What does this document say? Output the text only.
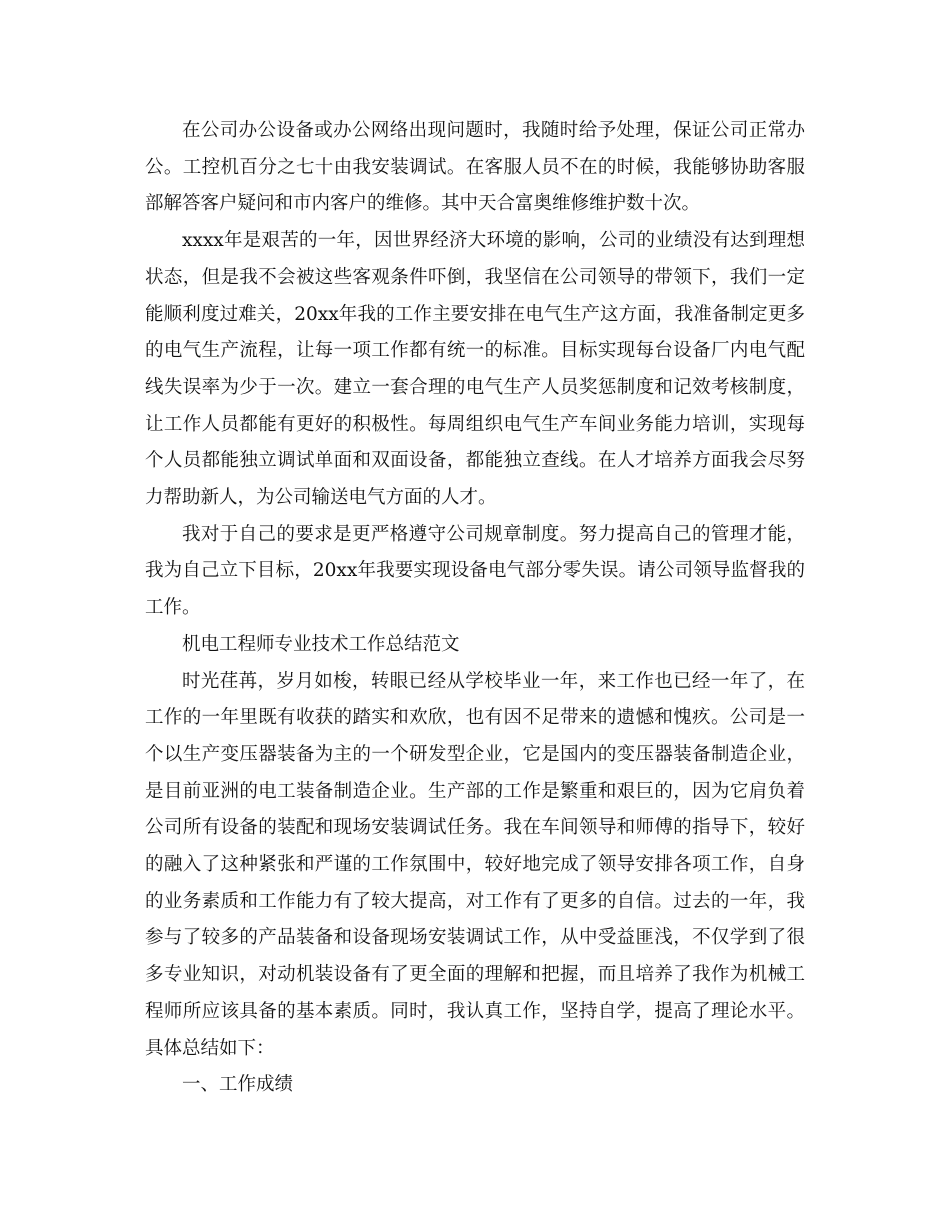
在公司办公设备或办公网络出现问题时，我随时给予处理，保证公司正常办公。工控机百分之七十由我安装调试。在客服人员不在的时候，我能够协助客服部解答客户疑问和市内客户的维修。其中天合富奥维修维护数十次。

xxxx年是艰苦的一年，因世界经济大环境的影响，公司的业绩没有达到理想状态，但是我不会被这些客观条件吓倒，我坚信在公司领导的带领下，我们一定能顺利度过难关，20xx年我的工作主要安排在电气生产这方面，我准备制定更多的电气生产流程，让每一项工作都有统一的标准。目标实现每台设备厂内电气配线失误率为少于一次。建立一套合理的电气生产人员奖惩制度和记效考核制度，让工作人员都能有更好的积极性。每周组织电气生产车间业务能力培训，实现每个人员都能独立调试单面和双面设备，都能独立查线。在人才培养方面我会尽努力帮助新人，为公司输送电气方面的人才。

我对于自己的要求是更严格遵守公司规章制度。努力提高自己的管理才能，我为自己立下目标，20xx年我要实现设备电气部分零失误。请公司领导监督我的工作。

机电工程师专业技术工作总结范文

时光荏苒，岁月如梭，转眼已经从学校毕业一年，来工作也已经一年了，在工作的一年里既有收获的踏实和欢欣，也有因不足带来的遗憾和愧疚。公司是一个以生产变压器装备为主的一个研发型企业，它是国内的变压器装备制造企业，是目前亚洲的电工装备制造企业。生产部的工作是繁重和艰巨的，因为它肩负着公司所有设备的装配和现场安装调试任务。我在车间领导和师傅的指导下，较好的融入了这种紧张和严谨的工作氛围中，较好地完成了领导安排各项工作，自身的业务素质和工作能力有了较大提高，对工作有了更多的自信。过去的一年，我参与了较多的产品装备和设备现场安装调试工作，从中受益匪浅，不仅学到了很多专业知识，对动机装设备有了更全面的理解和把握，而且培养了我作为机械工程师所应该具备的基本素质。同时，我认真工作，坚持自学，提高了理论水平。具体总结如下：

一、工作成绩
